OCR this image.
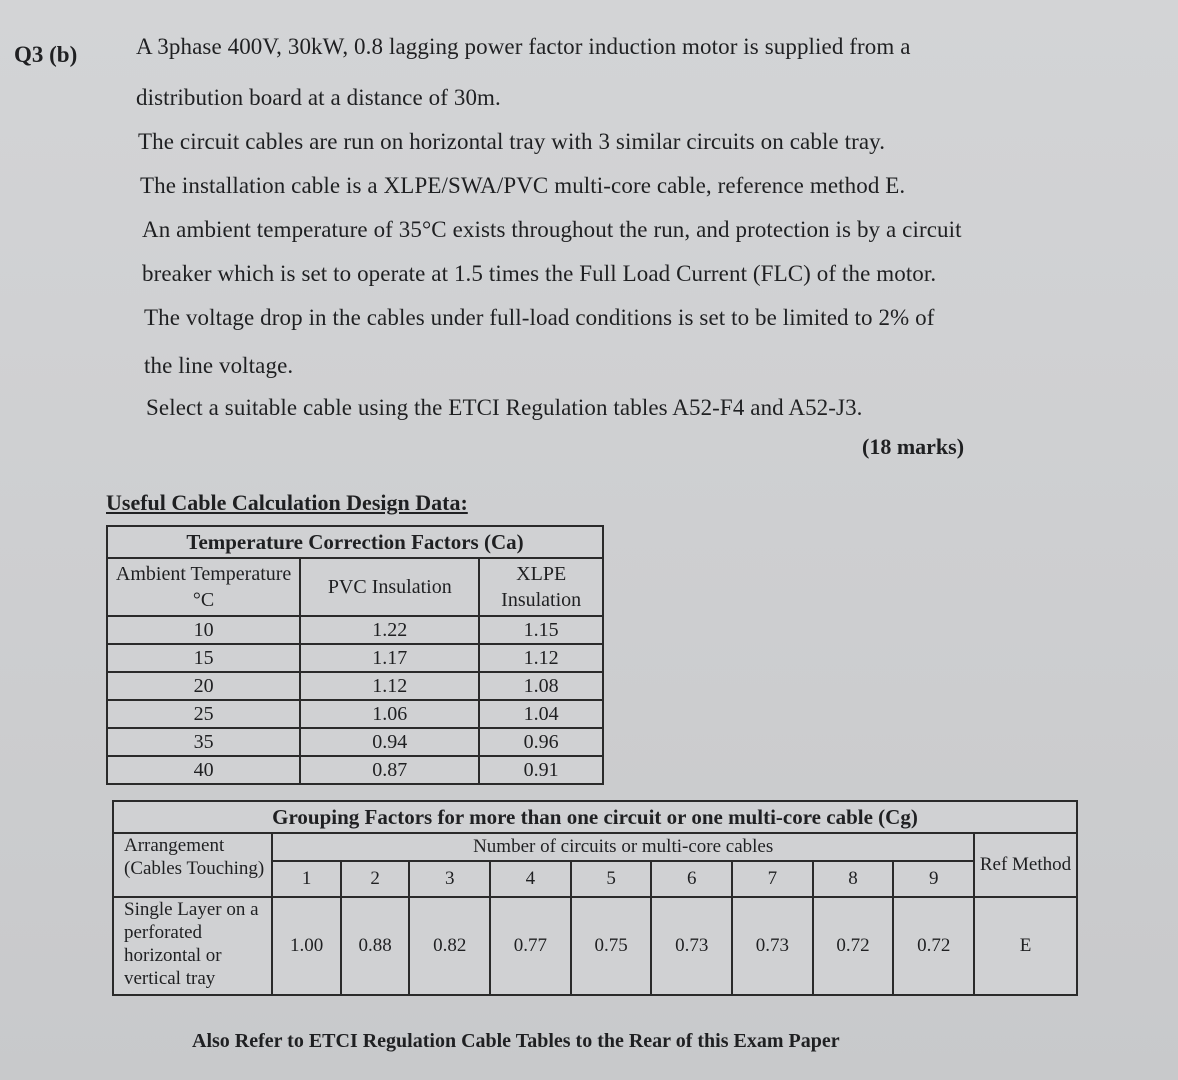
Q3 (b)	A 3phase 400V, 30kW, 0.8 lagging power factor induction motor is supplied from a
distribution board at a distance of 30m.
The circuit cables are run on horizontal tray with 3 similar circuits on cable tray.
The installation cable is a XLPE/SWA/PVC multi-core cable, reference method E.
An ambient temperature of 35°C exists throughout the run, and protection is by a circuit
breaker which is set to operate at 1.5 times the Full Load Current (FLC) of the motor.
The voltage drop in the cables under full-load conditions is set to be limited to 2% of
the line voltage.
Select a suitable cable using the ETCI Regulation tables A52-F4 and A52-J3.
(18 marks)
Useful Cable Calculation Design Data:
Temperature Correction Factors (Ca)		
Ambient Temperature °C	PVC Insulation	XLPE Insulation
10	1.22	1.15
15	1.17	1.12
20	1.12	1.08
25	1.06	1.04
35	0.94	0.96
40	0.87	0.91
Grouping Factors for more than one circuit or one multi-core cable (Cg)										
Arrangement (Cables Touching)	Number of circuits or multi-core cables									Ref Method
	1	2	3	4	5	6	7	8	9	
Single Layer on a perforated horizontal or vertical tray	1.00	0.88	0.82	0.77	0.75	0.73	0.73	0.72	0.72	E
Also Refer to ETCI Regulation Cable Tables to the Rear of this Exam Paper
